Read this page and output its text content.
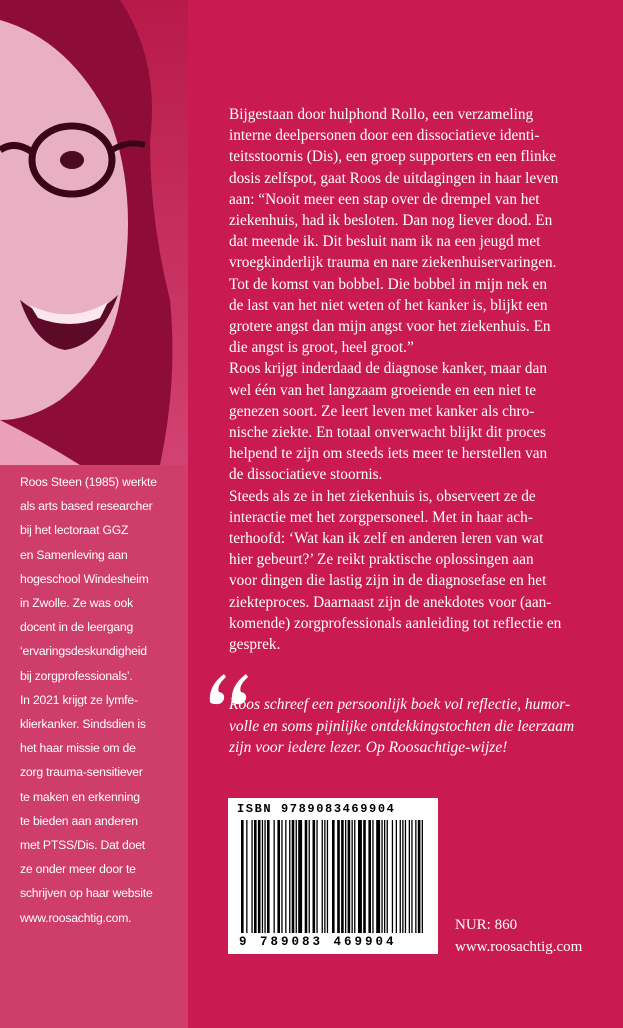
Roos Steen (1985) werkte

als arts based researcher

bij het lectoraat GGZ

en Samenleving aan

hogeschool Windesheim

in Zwolle. Ze was ook

docent in de leergang

‘ervaringsdeskundigheid

bij zorgprofessionals’.

In 2021 krijgt ze lymfe-

klierkanker. Sindsdien is

het haar missie om de

zorg trauma-sensitiever

te maken en erkenning

te bieden aan anderen

met PTSS/Dis. Dat doet

ze onder meer door te

schrijven op haar website

www.roosachtig.com.

Bijgestaan door hulphond Rollo, een verzameling

interne deelpersonen door een dissociatieve identi-

teitsstoornis (Dis), een groep supporters en een flinke

dosis zelfspot, gaat Roos de uitdagingen in haar leven

aan: “Nooit meer een stap over de drempel van het

ziekenhuis, had ik besloten. Dan nog liever dood. En

dat meende ik. Dit besluit nam ik na een jeugd met

vroegkinderlijk trauma en nare ziekenhuiservaringen.

Tot de komst van bobbel. Die bobbel in mijn nek en

de last van het niet weten of het kanker is, blijkt een

grotere angst dan mijn angst voor het ziekenhuis. En

die angst is groot, heel groot.”

Roos krijgt inderdaad de diagnose kanker, maar dan

wel één van het langzaam groeiende en een niet te

genezen soort. Ze leert leven met kanker als chro-

nische ziekte. En totaal onverwacht blijkt dit proces

helpend te zijn om steeds iets meer te herstellen van

de dissociatieve stoornis.

Steeds als ze in het ziekenhuis is, observeert ze de

interactie met het zorgpersoneel. Met in haar ach-

terhoofd: ‘Wat kan ik zelf en anderen leren van wat

hier gebeurt?’ Ze reikt praktische oplossingen aan

voor dingen die lastig zijn in de diagnosefase en het

ziekteproces. Daarnaast zijn de anekdotes voor (aan-

komende) zorgprofessionals aanleiding tot reflectie en gesprek.

Roos schreef een persoonlijk boek vol reflectie, humor-
volle en soms pijnlijke ontdekkingstochten die leerzaam
zijn voor iedere lezer. Op Roosachtige-wijze!
ISBN 9789083469904
9 789083 469904
NUR: 860
www.roosachtig.com
